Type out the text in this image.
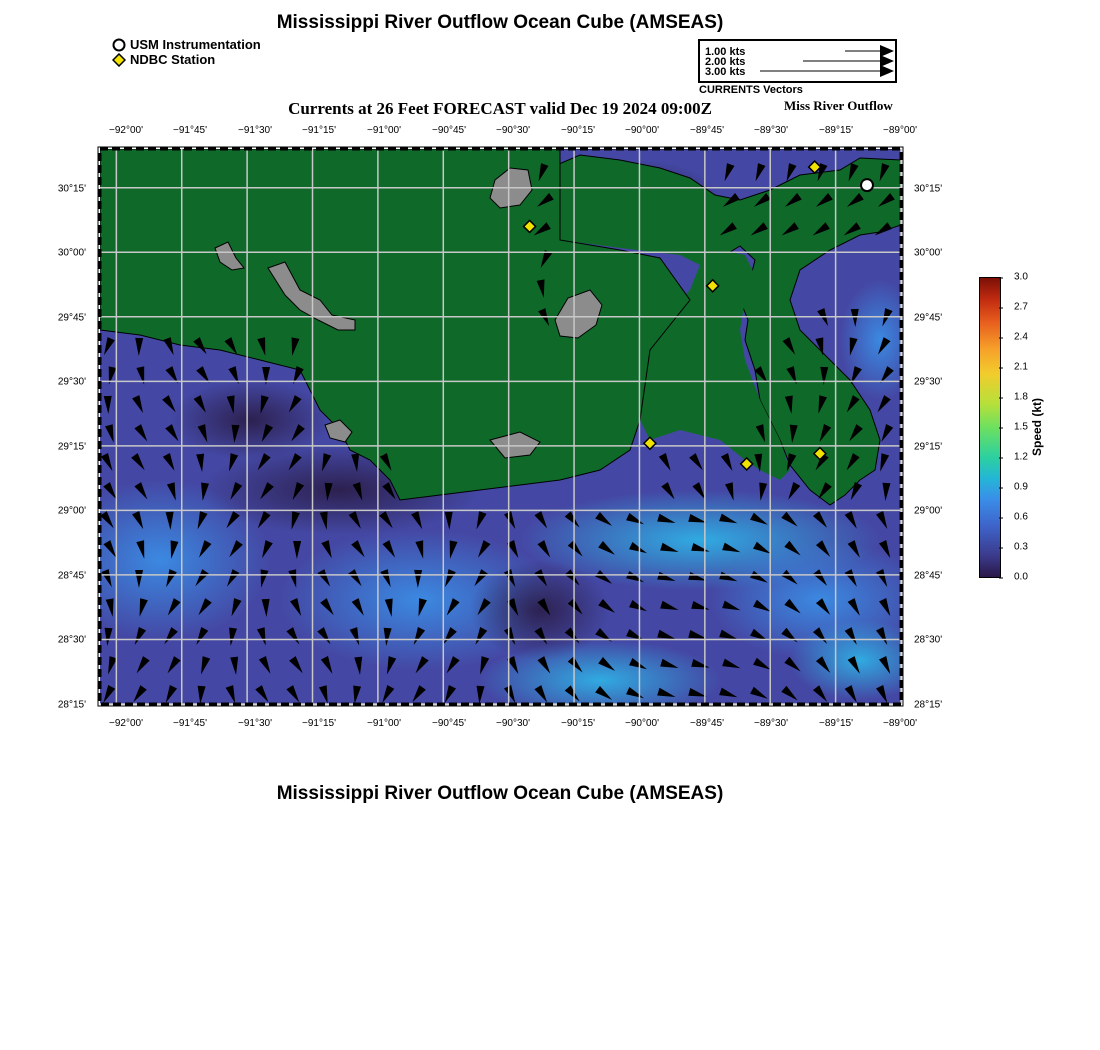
Mississippi River Outflow Ocean Cube (AMSEAS)
USM Instrumentation
NDBC Station	1.00 kts
2.00 kts
3.00 kts
CURRENTS Vectors
Currents at 26 Feet FORECAST valid Dec 19 2024 09:00Z	Miss River Outflow
−92°00'	−91°45'	−91°30'	−91°15'	−91°00'	−90°45'	−90°30'	−90°15'	−90°00'	−89°45'	−89°30'	−89°15'	−89°00'
−92°00'	−91°45'	−91°30'	−91°15'	−91°00'	−90°45'	−90°30'	−90°15'	−90°00'	−89°45'	−89°30'	−89°15'	−89°00'
30°15'
30°00'
29°45'
29°30'
29°15'
29°00'
28°45'
28°30'
28°15'
30°15'
30°00'
29°45'
29°30'
29°15'
29°00'
28°45'
28°30'
28°15'
0.0
0.3
0.6
0.9
1.2
1.5
1.8
2.1
2.4
2.7
3.0
Speed (kt)
Mississippi River Outflow Ocean Cube (AMSEAS)
